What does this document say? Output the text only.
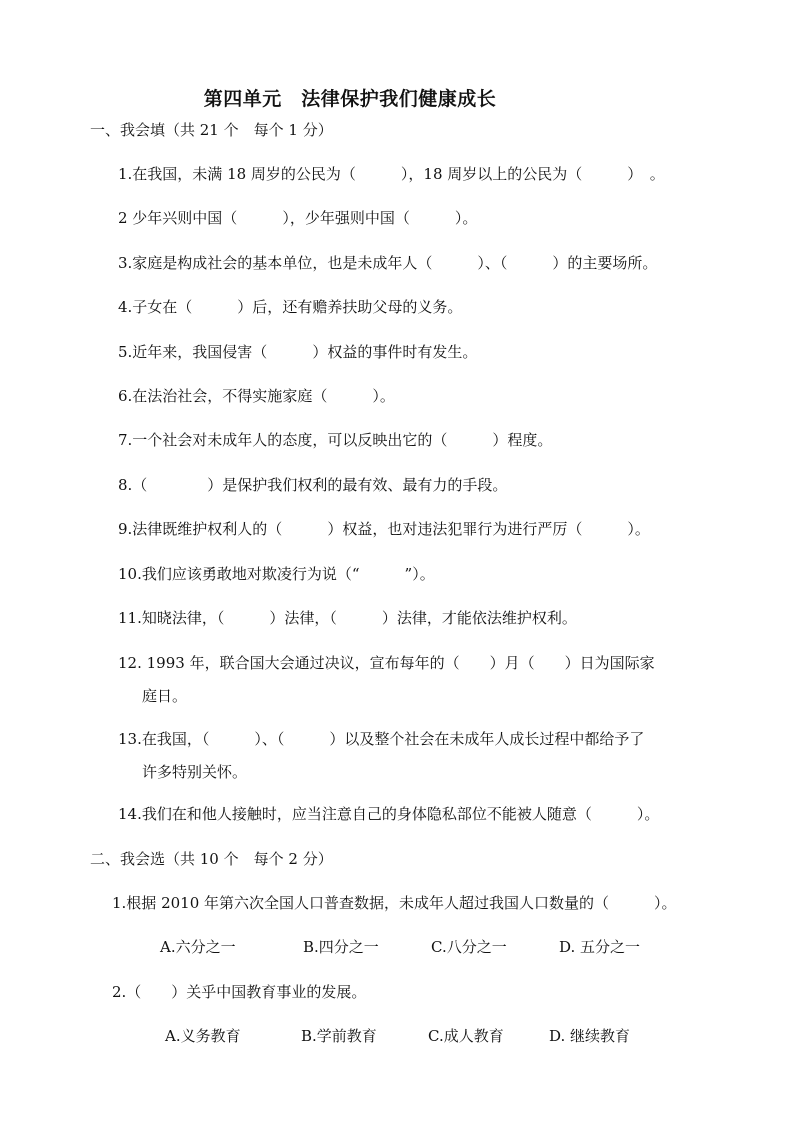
第四单元　法律保护我们健康成长
一、我会填（共 21 个　每个 1 分）
1.在我国，未满 18 周岁的公民为（　　　），18 周岁以上的公民为（　　　）　。
2 少年兴则中国（　　　），少年强则中国（　　　）。
3.家庭是构成社会的基本单位，也是未成年人（　　　）、（　　　）的主要场所。
4.子女在（　　　）后，还有赡养扶助父母的义务。
5.近年来，我国侵害（　　　）权益的事件时有发生。
6.在法治社会，不得实施家庭（　　　）。
7.一个社会对未成年人的态度，可以反映出它的（　　　）程度。
8.（　　　　）是保护我们权利的最有效、最有力的手段。
9.法律既维护权利人的（　　　）权益，也对违法犯罪行为进行严厉（　　　）。
10.我们应该勇敢地对欺凌行为说（“　　　”）。
11.知晓法律，（　　　）法律，（　　　）法律，才能依法维护权利。
12. 1993 年，联合国大会通过决议，宣布每年的（　　）月（　　）日为国际家
庭日。
13.在我国，（　　　）、（　　　）以及整个社会在未成年人成长过程中都给予了
许多特别关怀。
14.我们在和他人接触时，应当注意自己的身体隐私部位不能被人随意（　　　）。
二、我会选（共 10 个　每个 2 分）
1.根据 2010 年第六次全国人口普查数据，未成年人超过我国人口数量的（　　　）。
A.六分之一	B.四分之一	C.八分之一	D. 五分之一
2.（　　）关乎中国教育事业的发展。
A.义务教育	B.学前教育	C.成人教育	D. 继续教育
